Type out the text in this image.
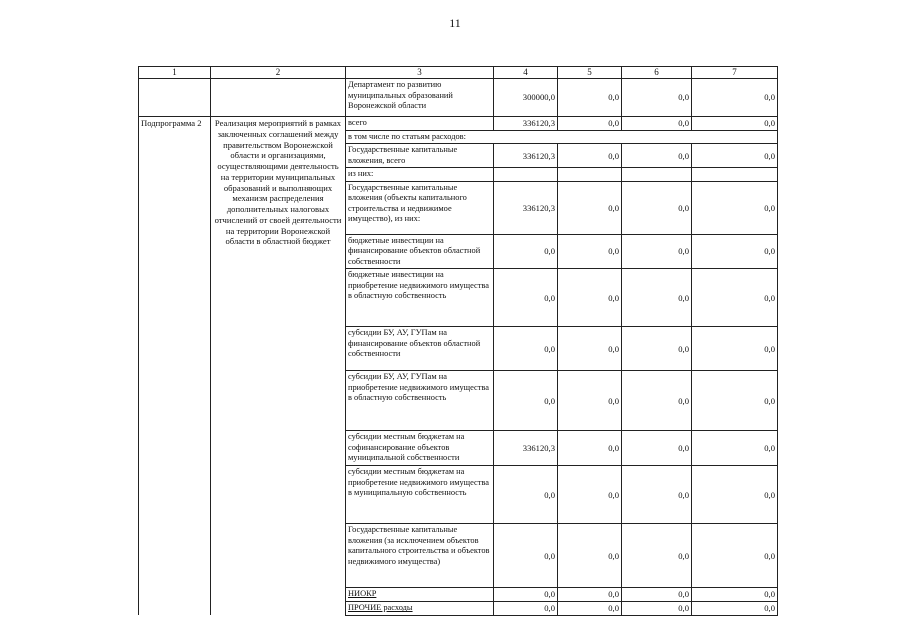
11
1	2	3	4	5	6	7
		Департамент по развитию муниципальных образований Воронежской области	300000,0	0,0	0,0	0,0
Подпрограмма 2	Реализация мероприятий в рамках заключенных соглашений между правительством Воронежской области и организациями, осуществляющими деятельность на территории муниципальных образований и выполняющих механизм распределения дополнительных налоговых отчислений от своей деятельности на территории Воронежской области в областной бюджет	всего	336120,3	0,0	0,0	0,0
		в том числе по статьям расходов:				
		Государственные капитальные вложения, всего	336120,3	0,0	0,0	0,0
		из них:				
		Государственные капитальные вложения (объекты капитального строительства и недвижимое имущество), из них:	336120,3	0,0	0,0	0,0
		бюджетные инвестиции на финансирование объектов областной собственности	0,0	0,0	0,0	0,0
		бюджетные инвестиции на приобретение недвижимого имущества в областную собственность	0,0	0,0	0,0	0,0
		субсидии БУ, АУ, ГУПам на финансирование объектов областной собственности	0,0	0,0	0,0	0,0
		субсидии БУ, АУ, ГУПам на приобретение недвижимого имущества в областную собственность	0,0	0,0	0,0	0,0
		субсидии местным бюджетам на софинансирование объектов муниципальной собственности	336120,3	0,0	0,0	0,0
		субсидии местным бюджетам на приобретение недвижимого имущества в муниципальную собственность	0,0	0,0	0,0	0,0
		Государственные капитальные вложения (за исключением объектов капитального строительства и объектов недвижимого имущества)	0,0	0,0	0,0	0,0
		НИОКР	0,0	0,0	0,0	0,0
		ПРОЧИЕ расходы	0,0	0,0	0,0	0,0
